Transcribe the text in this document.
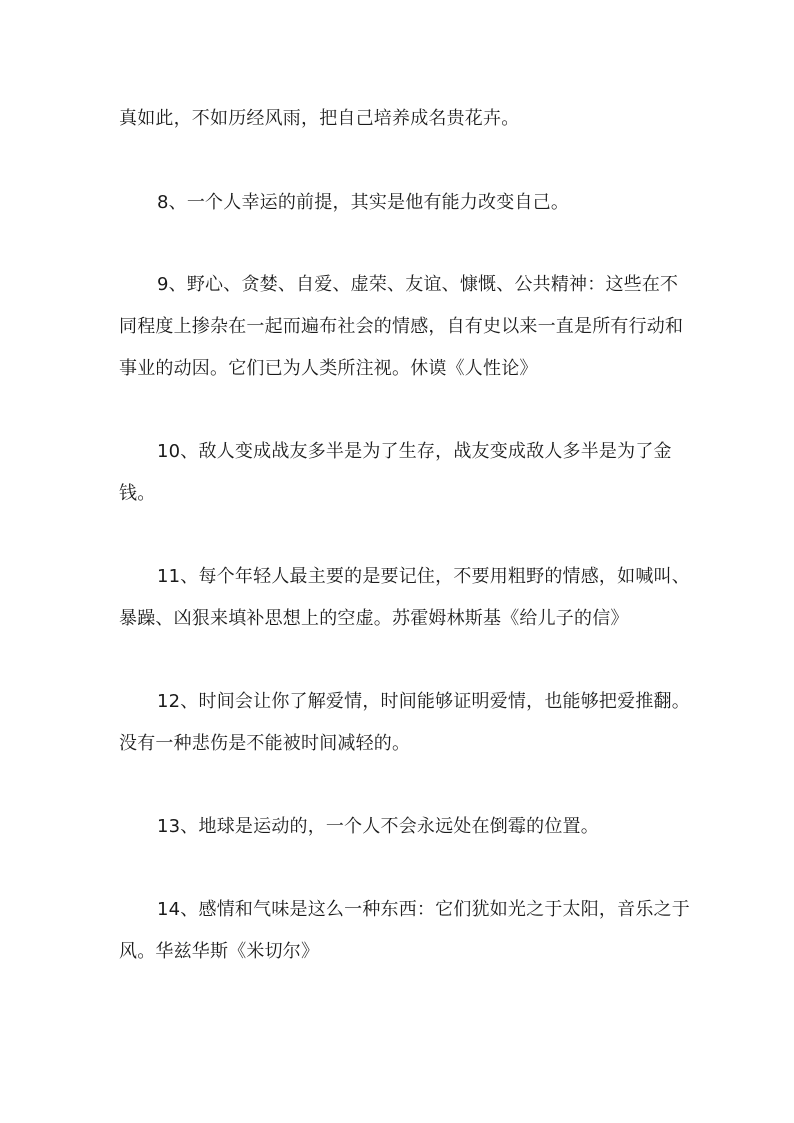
真如此，不如历经风雨，把自己培养成名贵花卉。

8、一个人幸运的前提，其实是他有能力改变自己。

9、野心、贪婪、自爱、虚荣、友谊、慷慨、公共精神：这些在不同程度上掺杂在一起而遍布社会的情感，自有史以来一直是所有行动和事业的动因。它们已为人类所注视。休谟《人性论》

10、敌人变成战友多半是为了生存，战友变成敌人多半是为了金钱。

11、每个年轻人最主要的是要记住，不要用粗野的情感，如喊叫、暴躁、凶狠来填补思想上的空虚。苏霍姆林斯基《给儿子的信》

12、时间会让你了解爱情，时间能够证明爱情，也能够把爱推翻。没有一种悲伤是不能被时间减轻的。

13、地球是运动的，一个人不会永远处在倒霉的位置。

14、感情和气味是这么一种东西：它们犹如光之于太阳，音乐之于风。华兹华斯《米切尔》
